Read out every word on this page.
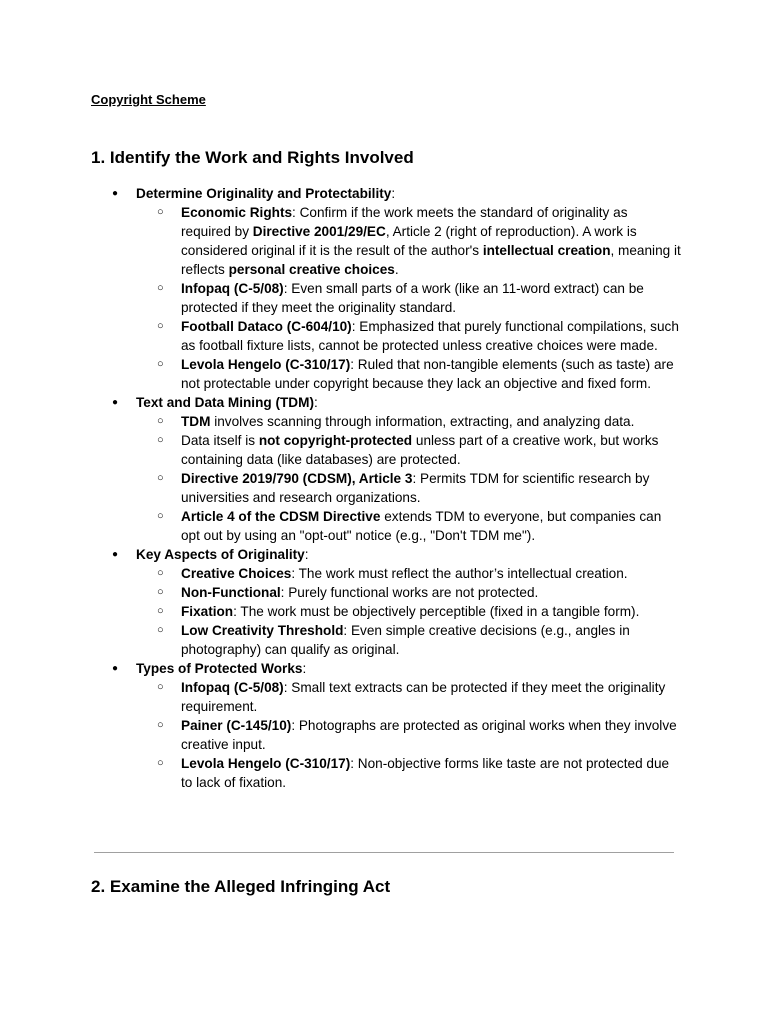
Copyright Scheme

1. Identify the Work and Rights Involved
● Determine Originality and Protectability:
○ Economic Rights: Confirm if the work meets the standard of originality as required by Directive 2001/29/EC, Article 2 (right of reproduction). A work is considered original if it is the result of the author's intellectual creation, meaning it reflects personal creative choices.
○ Infopaq (C-5/08): Even small parts of a work (like an 11-word extract) can be protected if they meet the originality standard.
○ Football Dataco (C-604/10): Emphasized that purely functional compilations, such as football fixture lists, cannot be protected unless creative choices were made.
○ Levola Hengelo (C-310/17): Ruled that non-tangible elements (such as taste) are not protectable under copyright because they lack an objective and fixed form.
● Text and Data Mining (TDM):
○ TDM involves scanning through information, extracting, and analyzing data.
○ Data itself is not copyright-protected unless part of a creative work, but works containing data (like databases) are protected.
○ Directive 2019/790 (CDSM), Article 3: Permits TDM for scientific research by universities and research organizations.
○ Article 4 of the CDSM Directive extends TDM to everyone, but companies can opt out by using an "opt-out" notice (e.g., "Don't TDM me").
● Key Aspects of Originality:
○ Creative Choices: The work must reflect the author’s intellectual creation.
○ Non-Functional: Purely functional works are not protected.
○ Fixation: The work must be objectively perceptible (fixed in a tangible form).
○ Low Creativity Threshold: Even simple creative decisions (e.g., angles in photography) can qualify as original.
● Types of Protected Works:
○ Infopaq (C-5/08): Small text extracts can be protected if they meet the originality requirement.
○ Painer (C-145/10): Photographs are protected as original works when they involve creative input.
○ Levola Hengelo (C-310/17): Non-objective forms like taste are not protected due to lack of fixation.
2. Examine the Alleged Infringing Act
